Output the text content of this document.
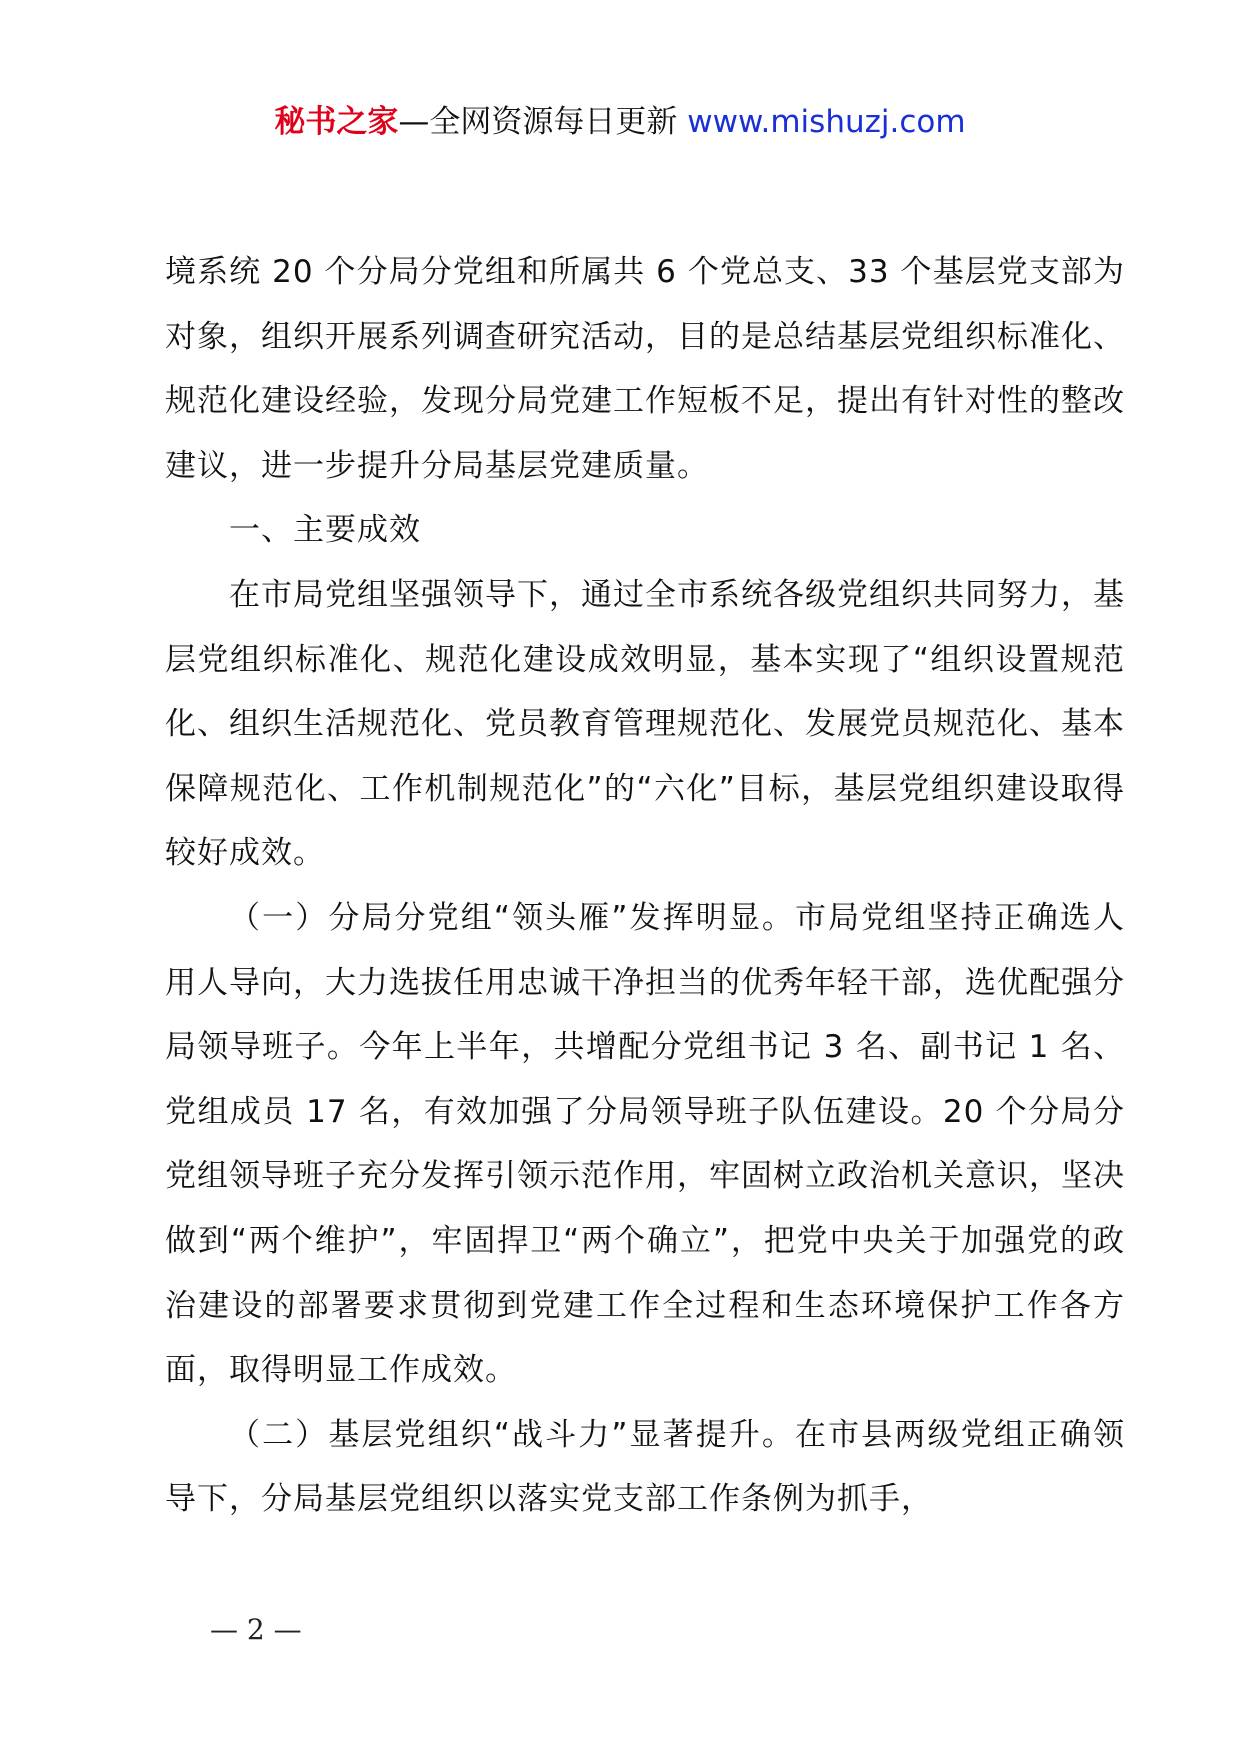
秘书之家—全网资源每日更新 www.mishuzj.com

境系统 20 个分局分党组和所属共 6 个党总支、33 个基层党支部为对象，组织开展系列调查研究活动，目的是总结基层党组织标准化、规范化建设经验，发现分局党建工作短板不足，提出有针对性的整改建议，进一步提升分局基层党建质量。

一、主要成效

在市局党组坚强领导下，通过全市系统各级党组织共同努力，基层党组织标准化、规范化建设成效明显，基本实现了“组织设置规范化、组织生活规范化、党员教育管理规范化、发展党员规范化、基本保障规范化、工作机制规范化”的“六化”目标，基层党组织建设取得较好成效。

（一）分局分党组“领头雁”发挥明显。市局党组坚持正确选人用人导向，大力选拔任用忠诚干净担当的优秀年轻干部，选优配强分局领导班子。今年上半年，共增配分党组书记 3 名、副书记 1 名、党组成员 17 名，有效加强了分局领导班子队伍建设。20 个分局分党组领导班子充分发挥引领示范作用，牢固树立政治机关意识，坚决做到“两个维护”，牢固捍卫“两个确立”，把党中央关于加强党的政治建设的部署要求贯彻到党建工作全过程和生态环境保护工作各方面，取得明显工作成效。

（二）基层党组织“战斗力”显著提升。在市县两级党组正确领导下，分局基层党组织以落实党支部工作条例为抓手，

— 2 —
